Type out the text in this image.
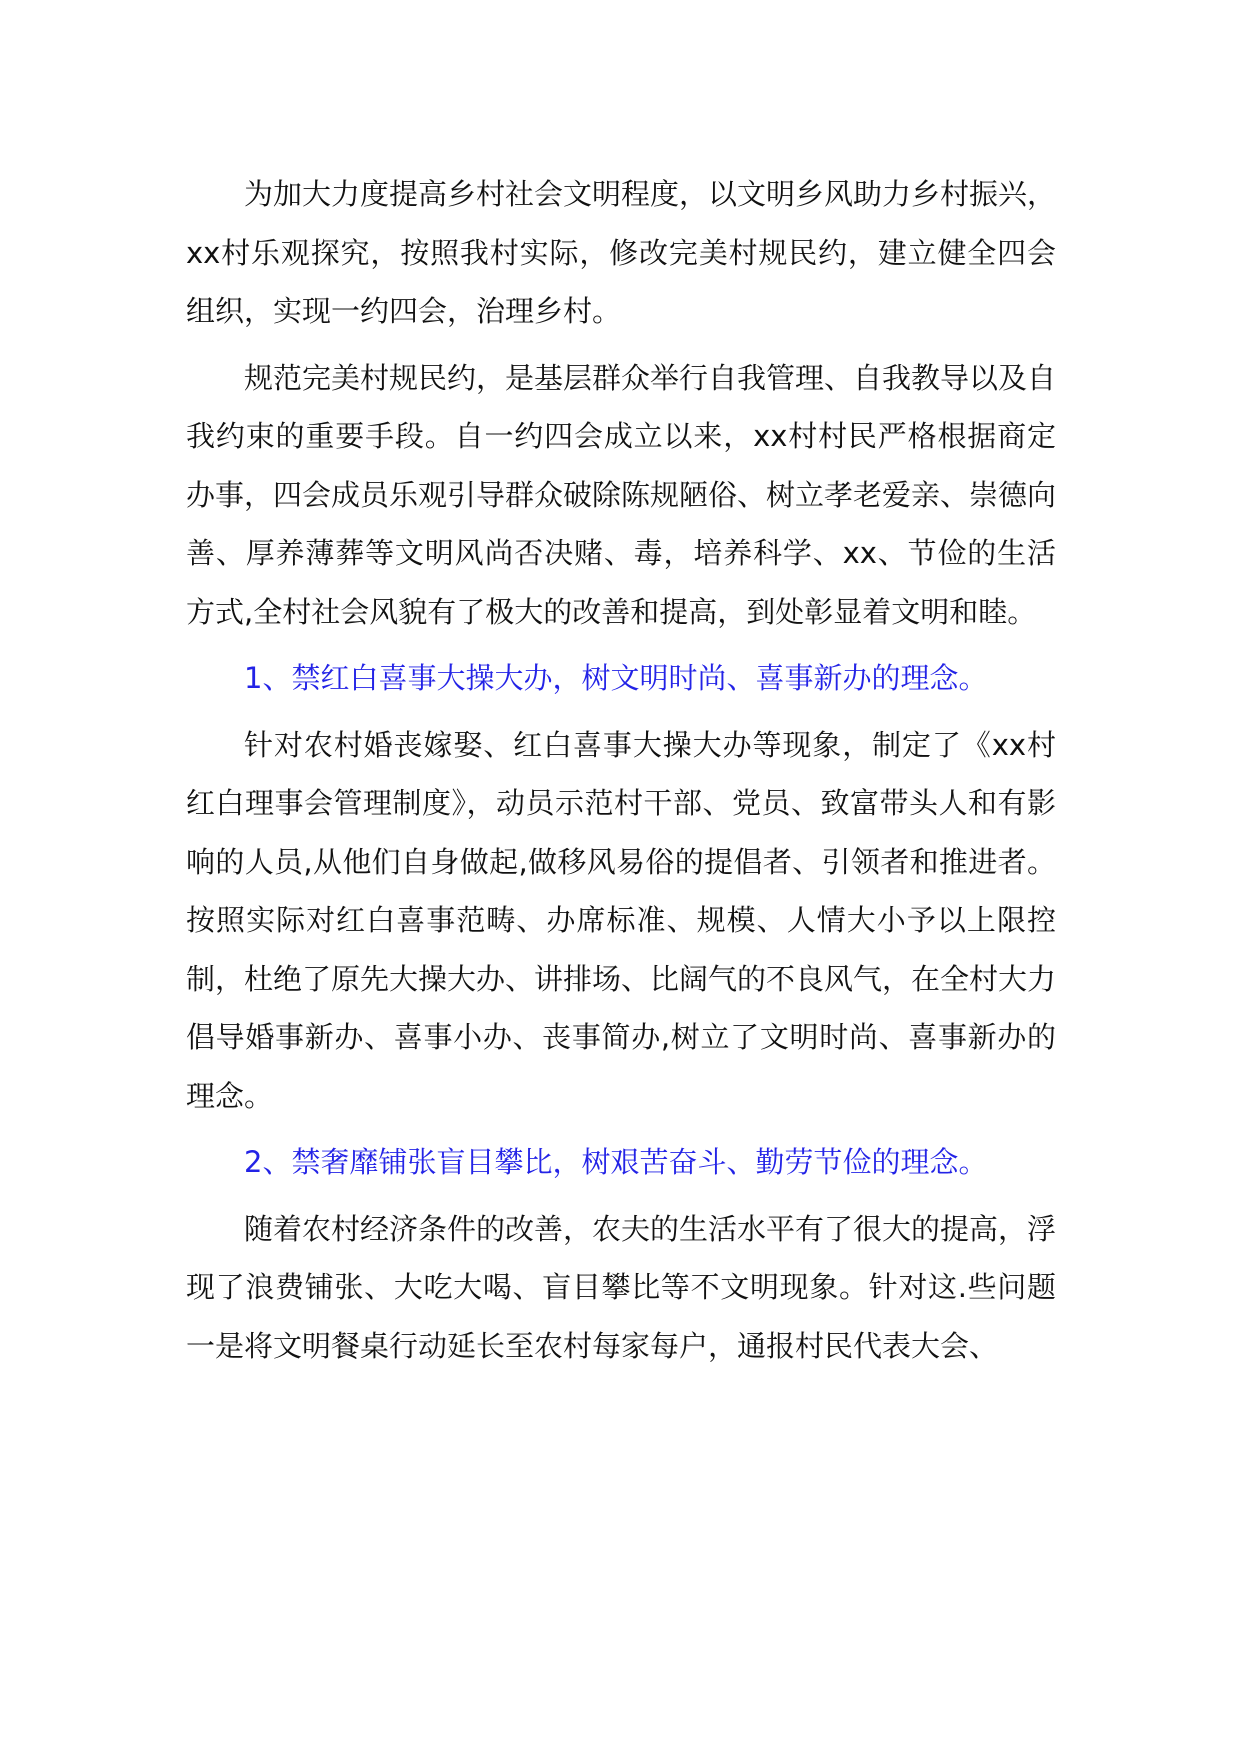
为加大力度提高乡村社会文明程度，以文明乡风助力乡村振兴，xx村乐观探究，按照我村实际，修改完美村规民约，建立健全四会组织，实现一约四会，治理乡村。

规范完美村规民约，是基层群众举行自我管理、自我教导以及自我约束的重要手段。自一约四会成立以来，xx村村民严格根据商定办事，四会成员乐观引导群众破除陈规陋俗、树立孝老爱亲、崇德向善、厚养薄葬等文明风尚否决赌、毒，培养科学、xx、节俭的生活方式,全村社会风貌有了极大的改善和提高，到处彰显着文明和睦。

1、禁红白喜事大操大办，树文明时尚、喜事新办的理念。

针对农村婚丧嫁娶、红白喜事大操大办等现象，制定了《xx村红白理事会管理制度》，动员示范村干部、党员、致富带头人和有影响的人员,从他们自身做起,做移风易俗的提倡者、引领者和推进者。按照实际对红白喜事范畴、办席标准、规模、人情大小予以上限控制，杜绝了原先大操大办、讲排场、比阔气的不良风气，在全村大力倡导婚事新办、喜事小办、丧事简办,树立了文明时尚、喜事新办的理念。

2、禁奢靡铺张盲目攀比，树艰苦奋斗、勤劳节俭的理念。

随着农村经济条件的改善，农夫的生活水平有了很大的提高，浮现了浪费铺张、大吃大喝、盲目攀比等不文明现象。针对这.些问题一是将文明餐桌行动延长至农村每家每户，通报村民代表大会、
